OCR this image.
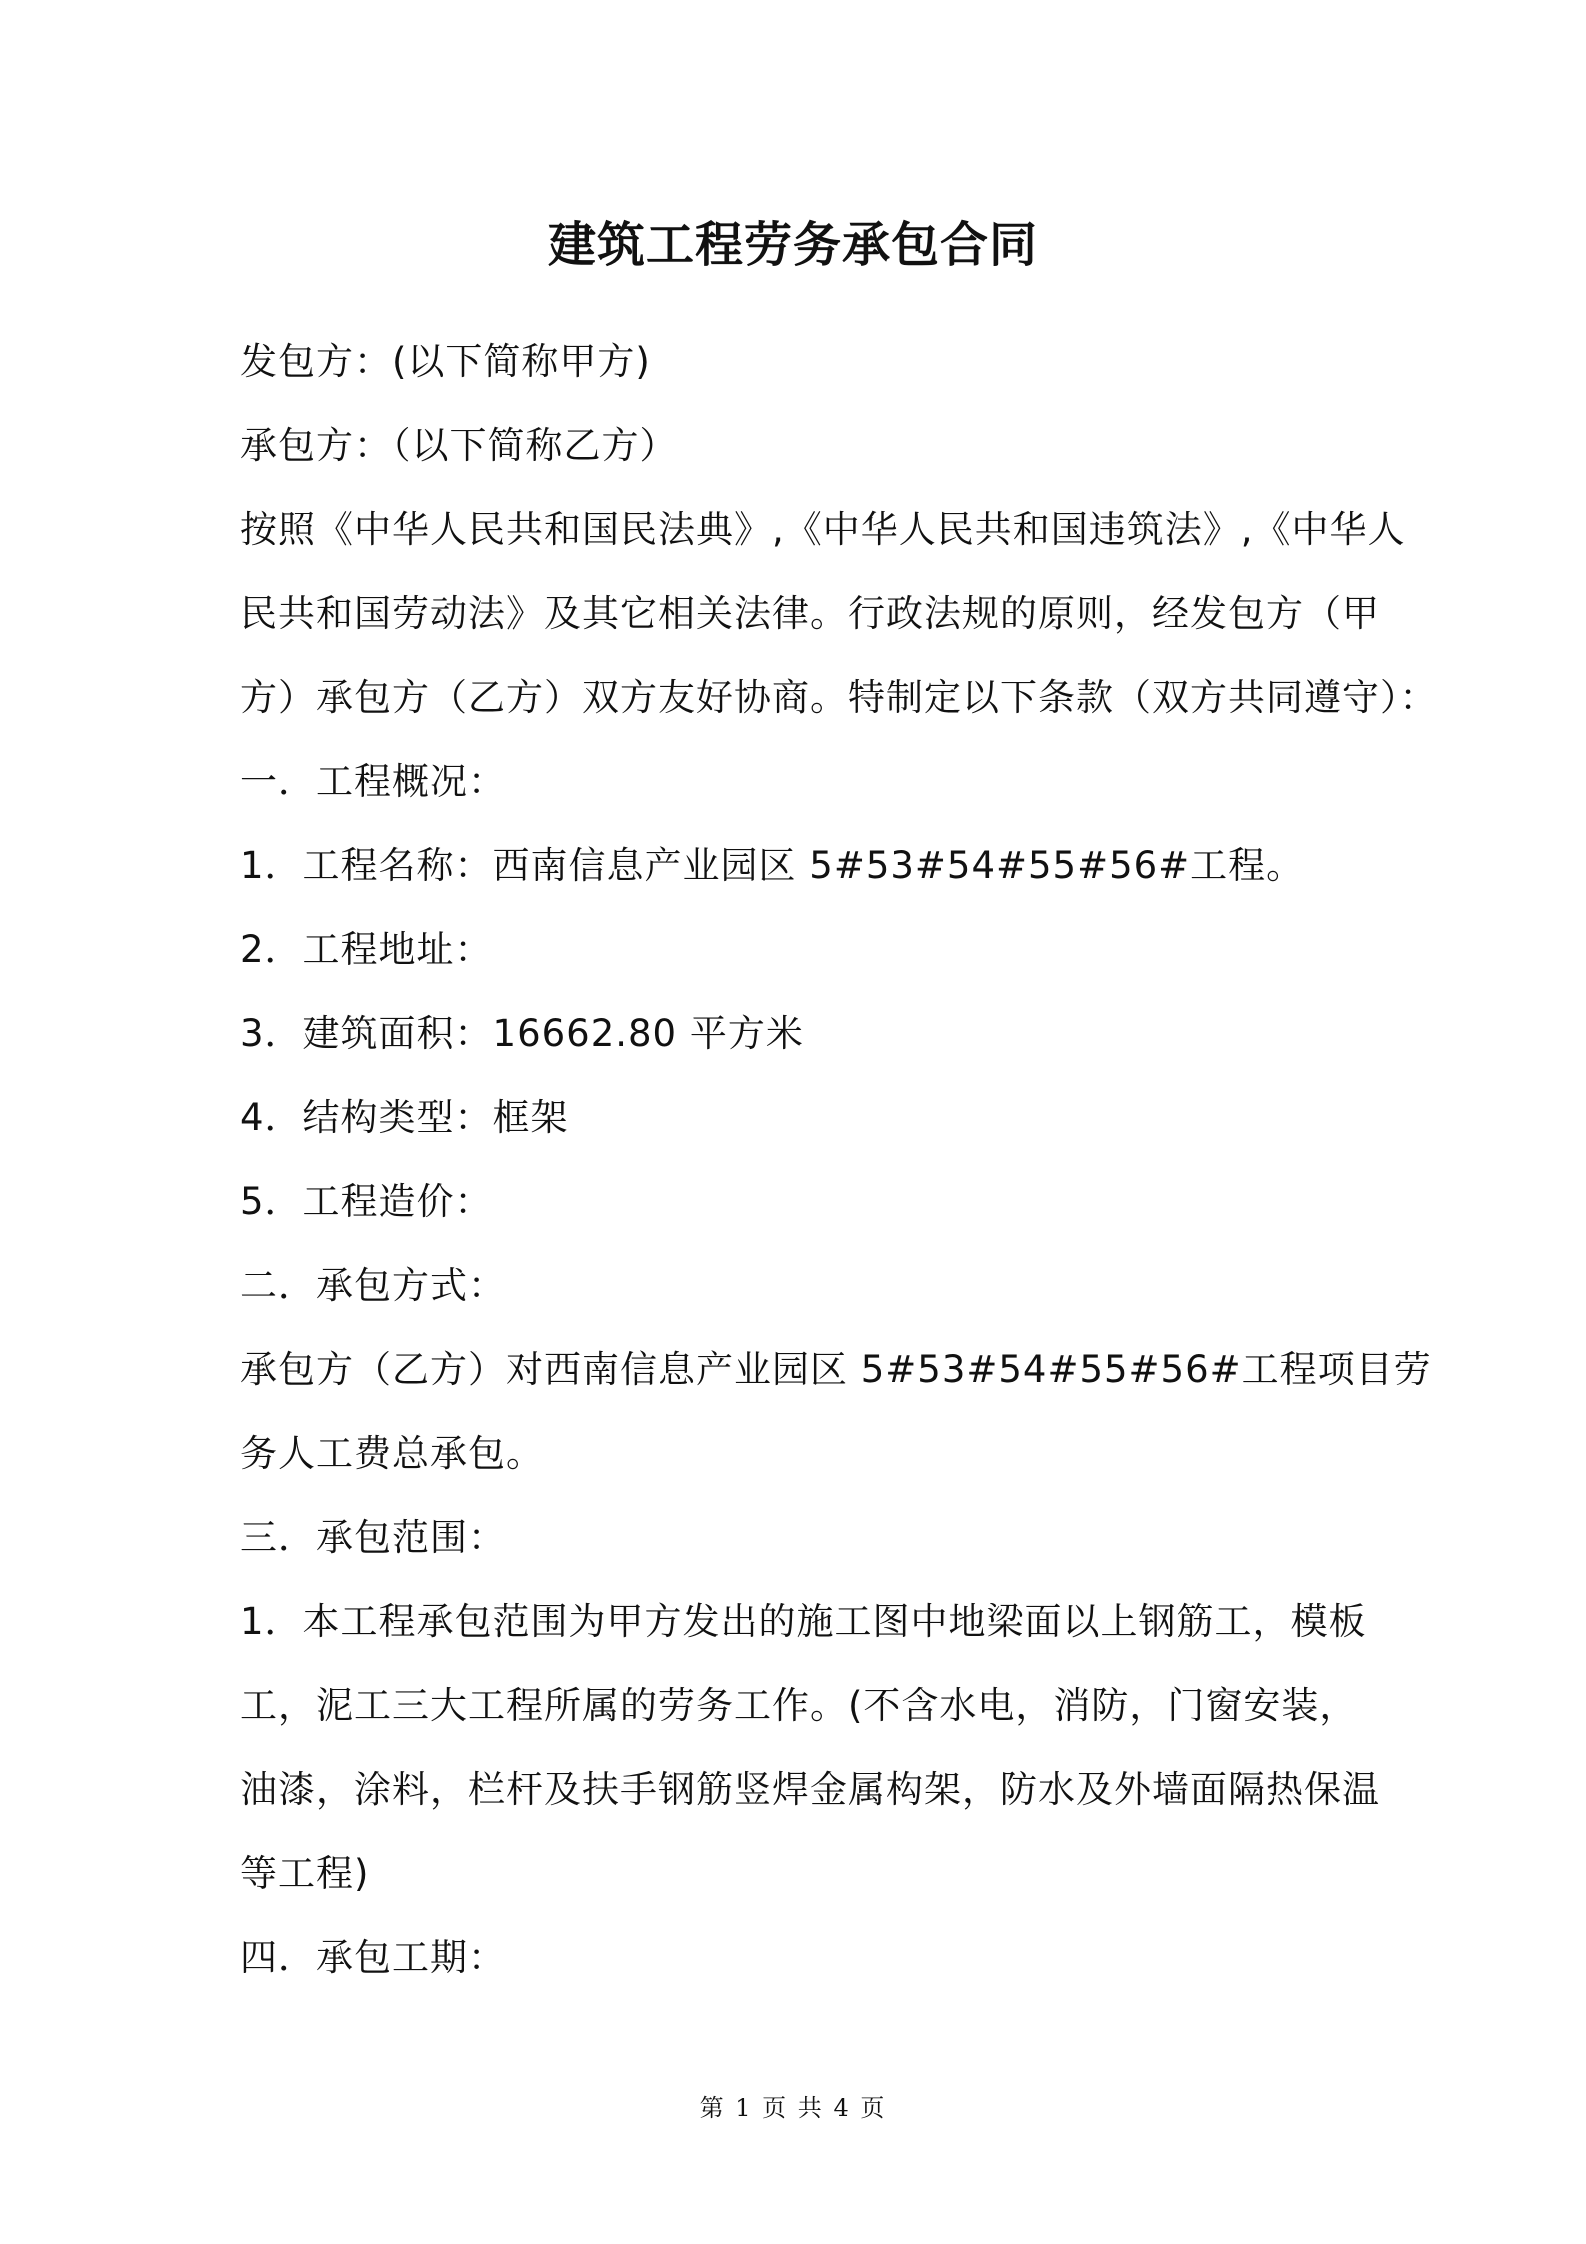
建筑工程劳务承包合同
发包方：(以下简称甲方)
承包方：（以下简称乙方）
按照《中华人民共和国民法典》,《中华人民共和国违筑法》,《中华人
民共和国劳动法》及其它相关法律。行政法规的原则，经发包方（甲
方）承包方（乙方）双方友好协商。特制定以下条款（双方共同遵守）：
一．工程概况：
1．工程名称：西南信息产业园区 5#53#54#55#56#工程。
2．工程地址：
3．建筑面积：16662.80 平方米
4．结构类型：框架
5．工程造价：
二．承包方式：
承包方（乙方）对西南信息产业园区 5#53#54#55#56#工程项目劳
务人工费总承包。
三．承包范围：
1．本工程承包范围为甲方发出的施工图中地梁面以上钢筋工，模板
工，泥工三大工程所属的劳务工作。(不含水电，消防，门窗安装，
油漆，涂料，栏杆及扶手钢筋竖焊金属构架，防水及外墙面隔热保温
等工程)
四．承包工期：
第 1 页 共 4 页
